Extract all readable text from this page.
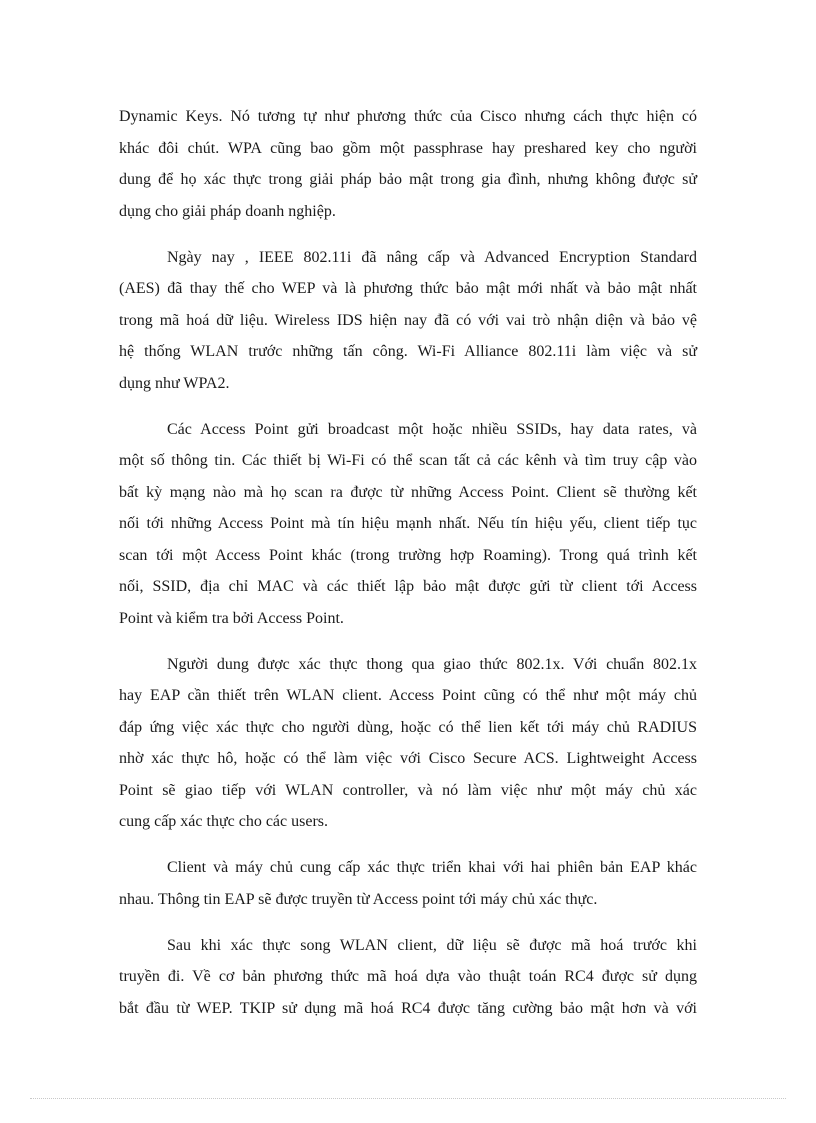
Dynamic Keys. Nó tương tự như phương thức của Cisco nhưng cách thực hiện có
khác đôi chút. WPA cũng bao gồm một passphrase hay preshared key cho người
dung để họ xác thực trong giải pháp bảo mật trong gia đình, nhưng không được sử
dụng cho giải pháp doanh nghiệp.

Ngày nay , IEEE 802.11i đã nâng cấp và Advanced Encryption Standard
(AES) đã thay thế cho WEP và là phương thức bảo mật mới nhất và bảo mật nhất
trong mã hoá dữ liệu. Wireless IDS hiện nay đã có với vai trò nhận diện và bảo vệ
hệ thống WLAN trước những tấn công. Wi-Fi Alliance 802.11i làm việc và sử
dụng như WPA2.

Các Access Point gửi broadcast một hoặc nhiều SSIDs, hay data rates, và
một số thông tin. Các thiết bị Wi-Fi có thể scan tất cả các kênh và tìm truy cập vào
bất kỳ mạng nào mà họ scan ra được từ những Access Point. Client sẽ thường kết
nối tới những Access Point mà tín hiệu mạnh nhất. Nếu tín hiệu yếu, client tiếp tục
scan tới một Access Point khác (trong trường hợp Roaming). Trong quá trình kết
nối, SSID, địa chỉ MAC và các thiết lập bảo mật được gửi từ client tới Access
Point và kiểm tra bởi Access Point.

Người dung được xác thực thong qua giao thức 802.1x. Với chuẩn 802.1x
hay EAP cần thiết trên WLAN client. Access Point cũng có thể như một máy chủ
đáp ứng việc xác thực cho người dùng, hoặc có thể lien kết tới máy chủ RADIUS
nhờ xác thực hô, hoặc có thể làm việc với Cisco Secure ACS. Lightweight Access
Point sẽ giao tiếp với WLAN controller, và nó làm việc như một máy chủ xác
cung cấp xác thực cho các users.

Client và máy chủ cung cấp xác thực triển khai với hai phiên bản EAP khác
nhau. Thông tin EAP sẽ được truyền từ Access point tới máy chủ xác thực.

Sau khi xác thực song WLAN client, dữ liệu sẽ được mã hoá trước khi
truyền đi. Về cơ bản phương thức mã hoá dựa vào thuật toán RC4 được sử dụng
bắt đầu từ WEP. TKIP sử dụng mã hoá RC4 được tăng cường bảo mật hơn và với
